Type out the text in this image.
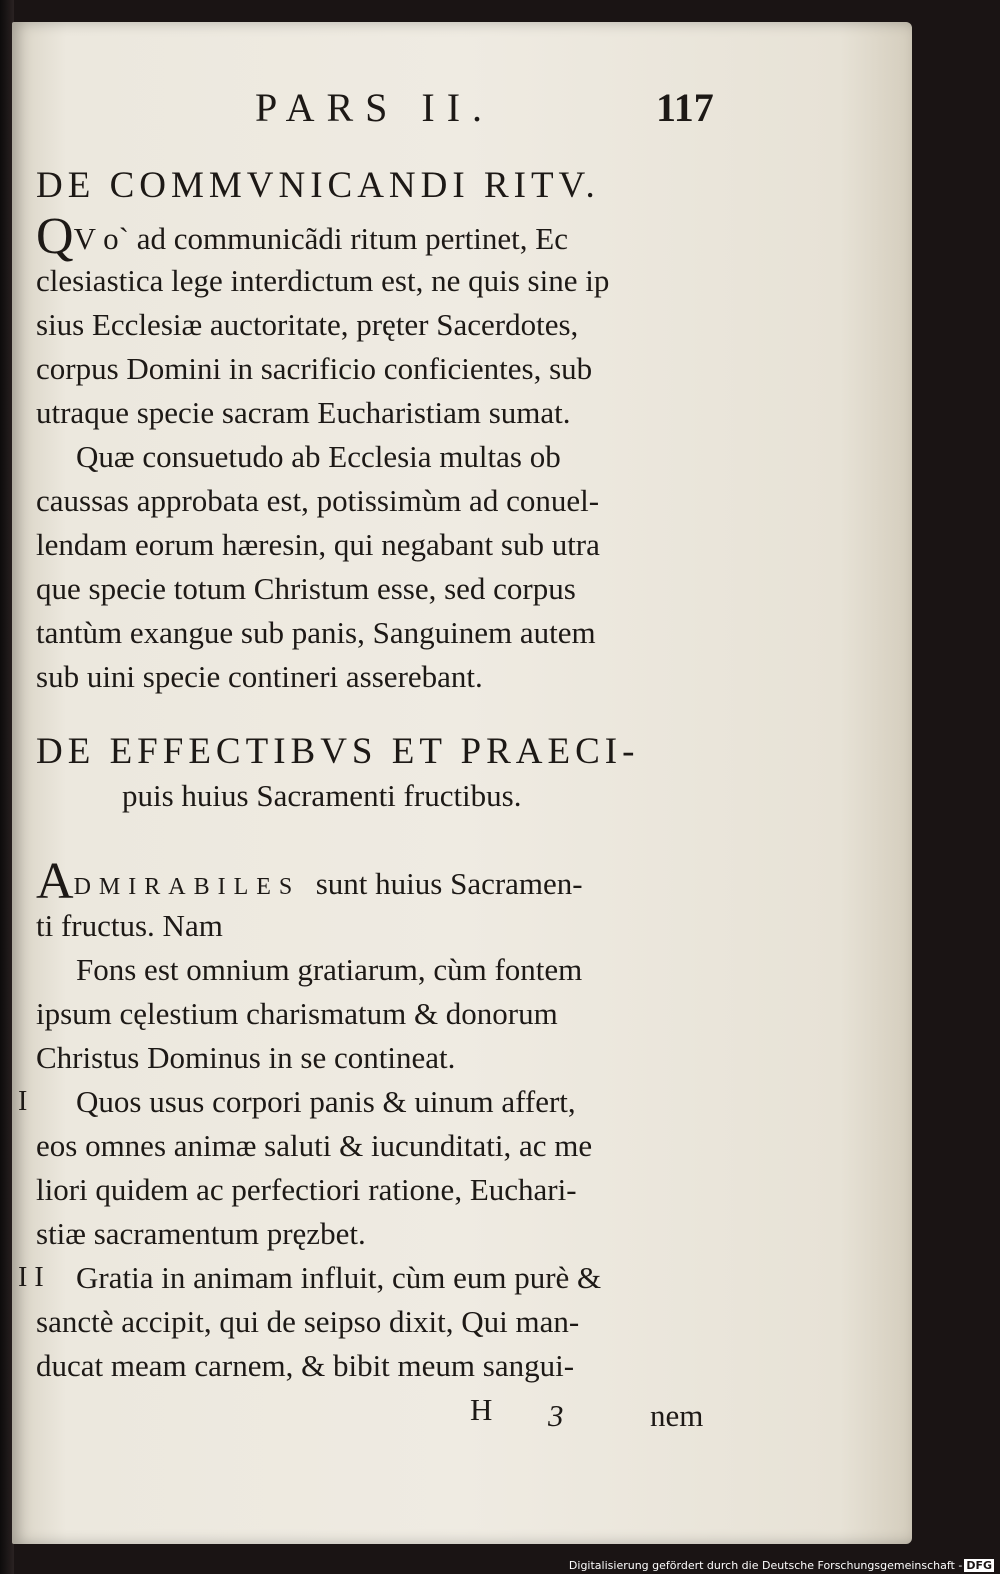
PARS II.	117
DE COMMVNICANDI RITV.
QV o` ad communicãdi ritum pertinet, Ec
clesiastica lege interdictum est, ne quis sine ip
sius Ecclesiæ auctoritate, pręter Sacerdotes,
corpus Domini in sacrificio conficientes, sub
utraque specie sacram Eucharistiam sumat.
Quæ consuetudo ab Ecclesia multas ob
caussas approbata est, potissimùm ad conuel-
lendam eorum hæresin, qui negabant sub utra
que specie totum Christum esse, sed corpus
tantùm exangue sub panis, Sanguinem autem
sub uini specie contineri asserebant.
DE EFFECTIBVS ET PRAECI-
puis huius Sacramenti fructibus.
ADMIRABILES sunt huius Sacramen-
ti fructus. Nam
Fons est omnium gratiarum, cùm fontem
ipsum cęlestium charismatum & donorum
Christus Dominus in se contineat.
I Quos usus corpori panis & uinum affert,
eos omnes animæ saluti & iucunditati, ac me
liori quidem ac perfectiori ratione, Euchari-
stiæ sacramentum pręzbet.
I I Gratia in animam influit, cùm eum purè &
sanctè accipit, qui de seipso dixit, Qui man-
ducat meam carnem, & bibit meum sangui-
H 3	nem
Digitalisierung gefördert durch die Deutsche Forschungsgemeinschaft - DFG
